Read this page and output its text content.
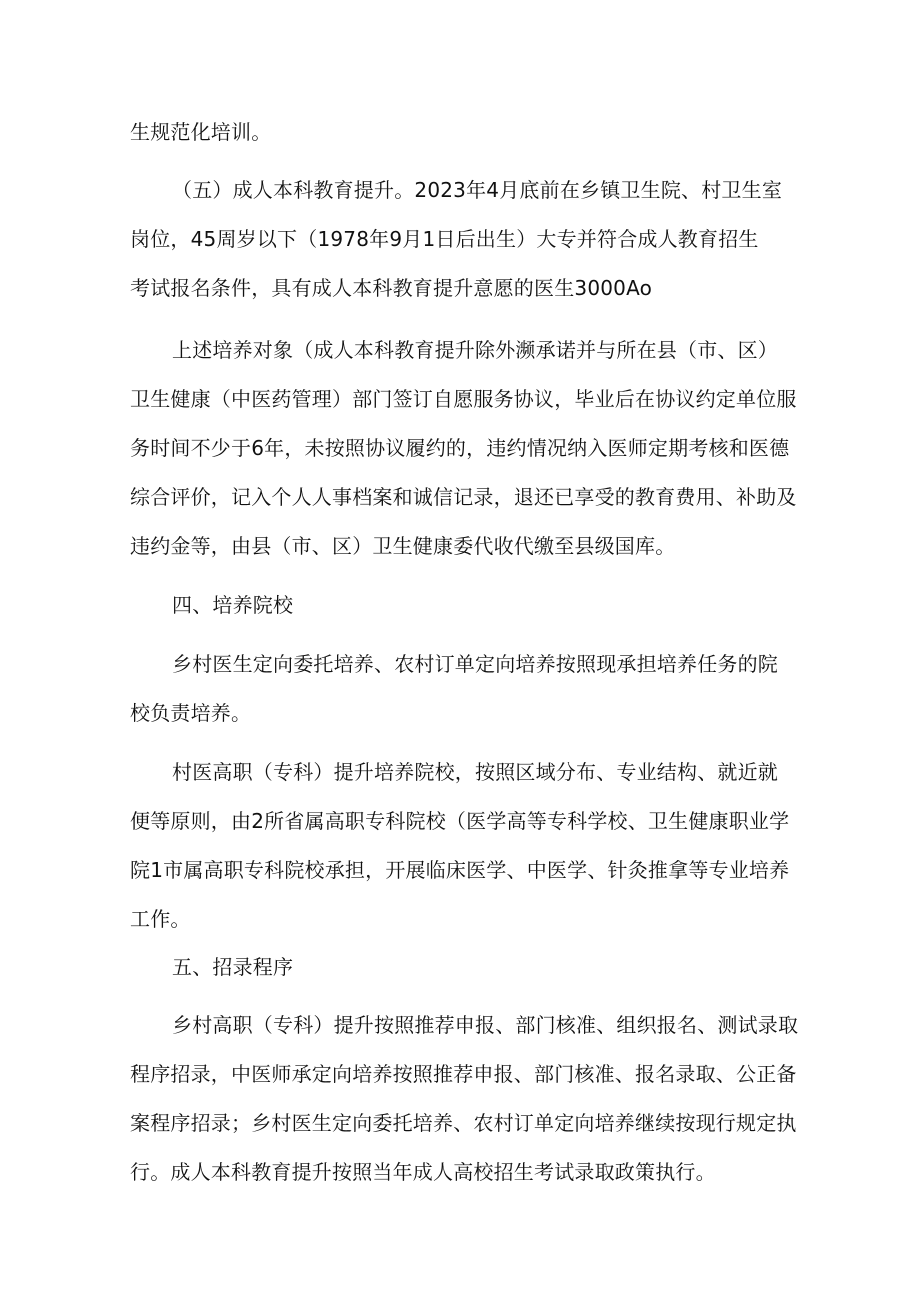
生规范化培训。
（五）成人本科教育提升。2023年4月底前在乡镇卫生院、村卫生室
岗位，45周岁以下（1978年9月1日后出生）大专并符合成人教育招生
考试报名条件，具有成人本科教育提升意愿的医生3000Ao
上述培养对象（成人本科教育提升除外濒承诺并与所在县（市、区）
卫生健康（中医药管理）部门签订自愿服务协议，毕业后在协议约定单位服
务时间不少于6年，未按照协议履约的，违约情况纳入医师定期考核和医德
综合评价，记入个人人事档案和诚信记录，退还已享受的教育费用、补助及
违约金等，由县（市、区）卫生健康委代收代缴至县级国库。
四、培养院校
乡村医生定向委托培养、农村订单定向培养按照现承担培养任务的院
校负责培养。
村医高职（专科）提升培养院校，按照区域分布、专业结构、就近就
便等原则，由2所省属高职专科院校（医学高等专科学校、卫生健康职业学
院1市属高职专科院校承担，开展临床医学、中医学、针灸推拿等专业培养
工作。
五、招录程序
乡村高职（专科）提升按照推荐申报、部门核准、组织报名、测试录取
程序招录，中医师承定向培养按照推荐申报、部门核准、报名录取、公正备
案程序招录；乡村医生定向委托培养、农村订单定向培养继续按现行规定执
行。成人本科教育提升按照当年成人高校招生考试录取政策执行。
